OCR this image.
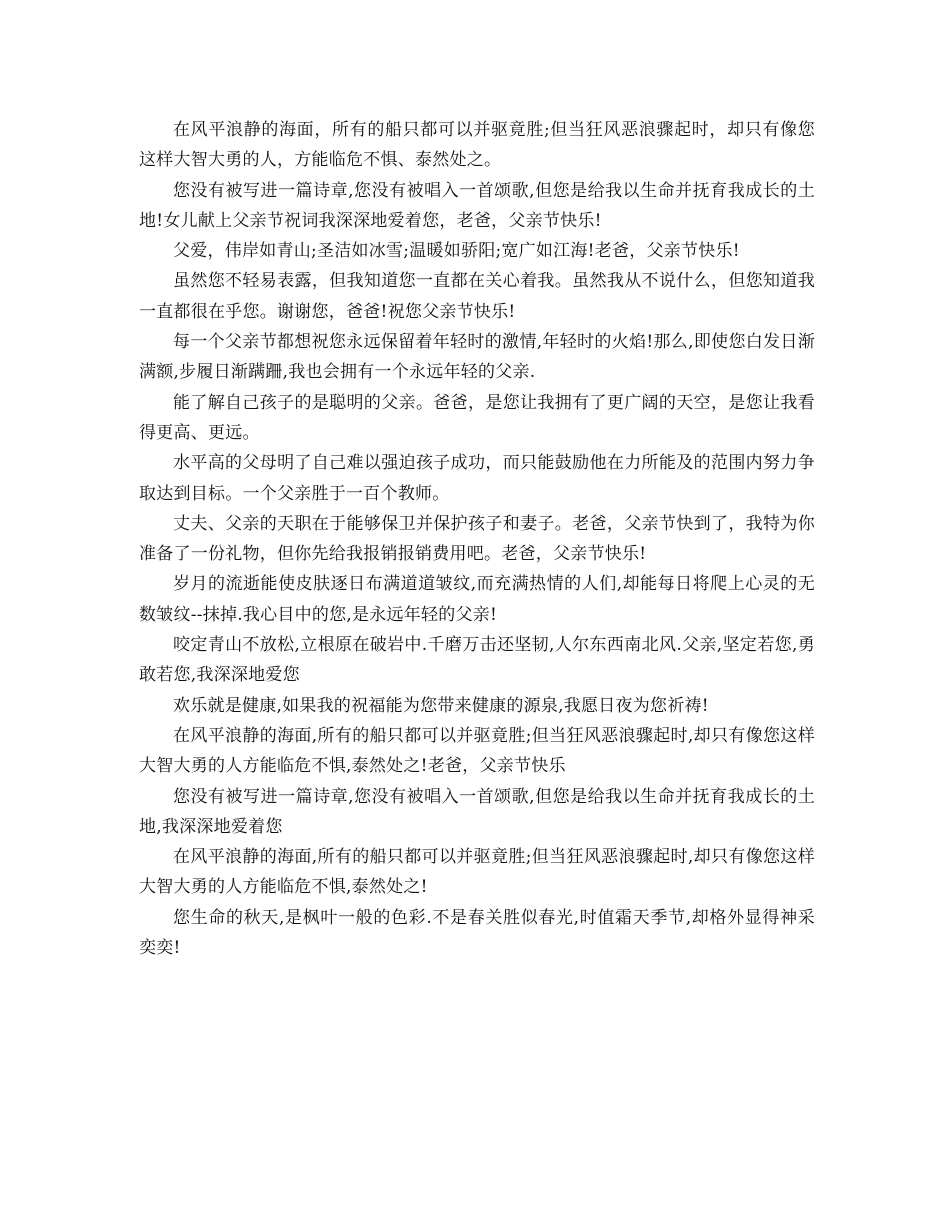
在风平浪静的海面，所有的船只都可以并驱竟胜;但当狂风恶浪骤起时，却只有像您这样大智大勇的人，方能临危不惧、泰然处之。

您没有被写进一篇诗章,您没有被唱入一首颂歌,但您是给我以生命并抚育我成长的土地!女儿献上父亲节祝词我深深地爱着您，老爸，父亲节快乐!

父爱，伟岸如青山;圣洁如冰雪;温暖如骄阳;宽广如江海!老爸，父亲节快乐!

虽然您不轻易表露，但我知道您一直都在关心着我。虽然我从不说什么，但您知道我一直都很在乎您。谢谢您，爸爸!祝您父亲节快乐!

每一个父亲节都想祝您永远保留着年轻时的激情,年轻时的火焰!那么,即使您白发日渐满额,步履日渐蹒跚,我也会拥有一个永远年轻的父亲.

能了解自己孩子的是聪明的父亲。爸爸，是您让我拥有了更广阔的天空，是您让我看得更高、更远。

水平高的父母明了自己难以强迫孩子成功，而只能鼓励他在力所能及的范围内努力争取达到目标。一个父亲胜于一百个教师。

丈夫、父亲的天职在于能够保卫并保护孩子和妻子。老爸，父亲节快到了，我特为你准备了一份礼物，但你先给我报销报销费用吧。老爸，父亲节快乐!

岁月的流逝能使皮肤逐日布满道道皱纹,而充满热情的人们,却能每日将爬上心灵的无数皱纹--抹掉.我心目中的您,是永远年轻的父亲!

咬定青山不放松,立根原在破岩中.千磨万击还坚韧,人尔东西南北风.父亲,坚定若您,勇敢若您,我深深地爱您

欢乐就是健康,如果我的祝福能为您带来健康的源泉,我愿日夜为您祈祷!

在风平浪静的海面,所有的船只都可以并驱竟胜;但当狂风恶浪骤起时,却只有像您这样大智大勇的人方能临危不惧,泰然处之!老爸，父亲节快乐

您没有被写进一篇诗章,您没有被唱入一首颂歌,但您是给我以生命并抚育我成长的土地,我深深地爱着您

在风平浪静的海面,所有的船只都可以并驱竟胜;但当狂风恶浪骤起时,却只有像您这样大智大勇的人方能临危不惧,泰然处之!

您生命的秋天,是枫叶一般的色彩.不是春关胜似春光,时值霜天季节,却格外显得神采奕奕!
